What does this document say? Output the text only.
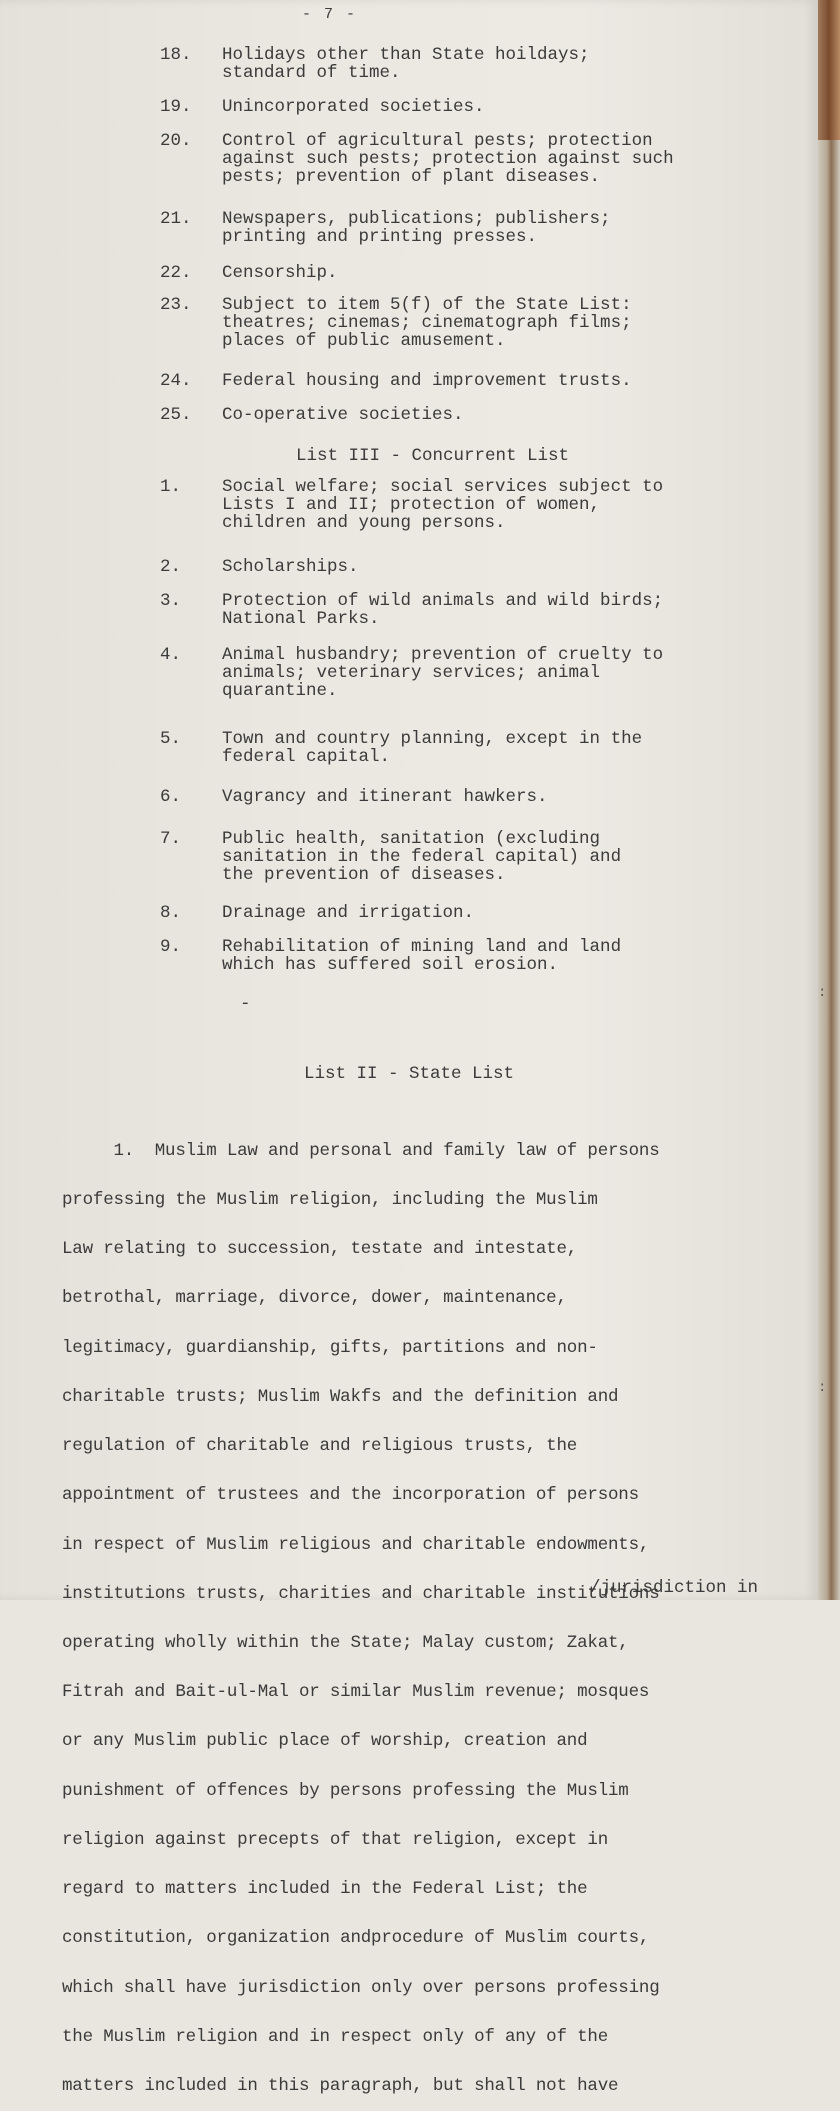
- 7 -
18.	Holidays other than State hoildays;
standard of time.
19.	Unincorporated societies.
20.	Control of agricultural pests; protection
against such pests; protection against such
pests; prevention of plant diseases.
21.	Newspapers, publications; publishers;
printing and printing presses.
22.	Censorship.
23.	Subject to item 5(f) of the State List:
theatres; cinemas; cinematograph films;
places of public amusement.
24.	Federal housing and improvement trusts.
25.	Co-operative societies.
List III - Concurrent List
1.	Social welfare; social services subject to
Lists I and II; protection of women,
children and young persons.
2.	Scholarships.
3.	Protection of wild animals and wild birds;
National Parks.
4.	Animal husbandry; prevention of cruelty to
animals; veterinary services; animal
quarantine.
5.	Town and country planning, except in the
federal capital.
6.	Vagrancy and itinerant hawkers.
7.	Public health, sanitation (excluding
sanitation in the federal capital) and
the prevention of diseases.
8.	Drainage and irrigation.
9.	Rehabilitation of mining land and land
which has suffered soil erosion.
-
List II - State List

1.  Muslim Law and personal and family law of persons

professing the Muslim religion, including the Muslim

Law relating to succession, testate and intestate,

betrothal, marriage, divorce, dower, maintenance,

legitimacy, guardianship, gifts, partitions and non-

charitable trusts; Muslim Wakfs and the definition and

regulation of charitable and religious trusts, the

appointment of trustees and the incorporation of persons

in respect of Muslim religious and charitable endowments,

institutions trusts, charities and charitable institutions

operating wholly within the State; Malay custom; Zakat,

Fitrah and Bait-ul-Mal or similar Muslim revenue; mosques

or any Muslim public place of worship, creation and

punishment of offences by persons professing the Muslim

religion against precepts of that religion, except in

regard to matters included in the Federal List; the

constitution, organization andprocedure of Muslim courts,

which shall have jurisdiction only over persons professing

the Muslim religion and in respect only of any of the

matters included in this paragraph, but shall not have

/jurisdiction in
:
:
